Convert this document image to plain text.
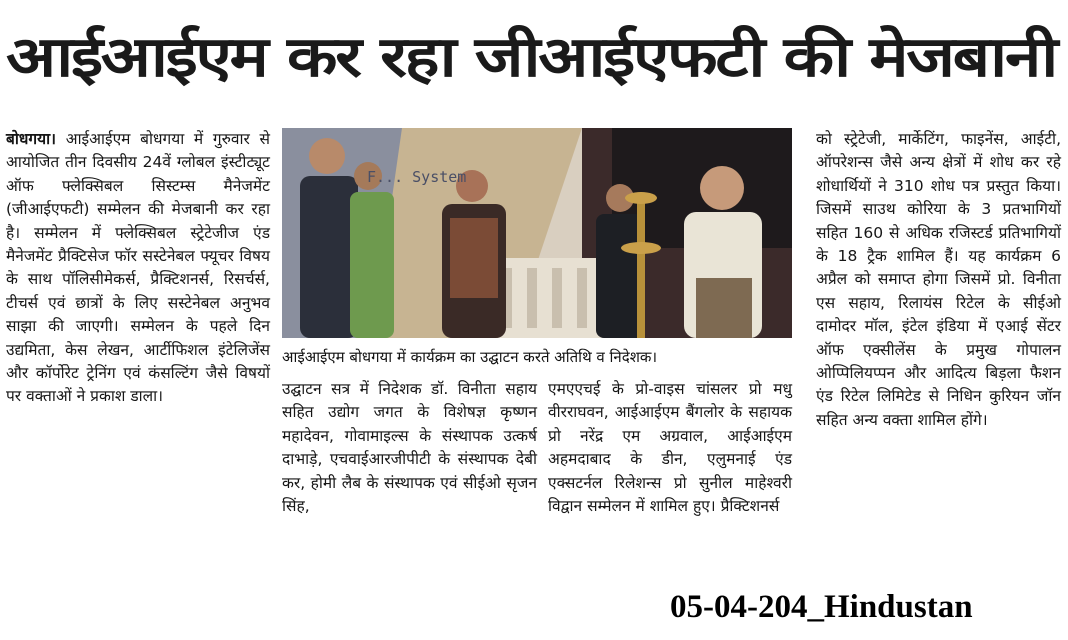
आईआईएम कर रहा जीआईएफटी की मेजबानी
बोधगया। आईआईएम बोधगया में गुरुवार से आयोजित तीन दिवसीय 24वें ग्लोबल इंस्टीट्यूट ऑफ फ्लेक्सिबल सिस्टम्स मैनेजमेंट (जीआईएफटी) सम्मेलन की मेजबानी कर रहा है। सम्मेलन में फ्लेक्सिबल स्ट्रेटेजीज एंड मैनेजमेंट प्रैक्टिसेज फॉर सस्टेनेबल फ्यूचर विषय के साथ पॉलिसीमेकर्स, प्रैक्टिशनर्स, रिसर्चर्स, टीचर्स एवं छात्रों के लिए सस्टेनेबल अनुभव साझा की जाएगी। सम्मेलन के पहले दिन उद्यमिता, केस लेखन, आर्टीफिशल इंटेलिजेंस और कॉर्पोरेट ट्रेनिंग एवं कंसल्टिंग जैसे विषयों पर वक्ताओं ने प्रकाश डाला।
F... System
आईआईएम बोधगया में कार्यक्रम का उद्घाटन करते अतिथि व निदेशक।
उद्घाटन सत्र में निदेशक डॉ. विनीता सहाय सहित उद्योग जगत के विशेषज्ञ कृष्णन महादेवन, गोवामाइल्स के संस्थापक उत्कर्ष दाभाड़े, एचवाईआरजीपीटी के संस्थापक देबी कर, होमी लैब के संस्थापक एवं सीईओ सृजन सिंह,
एमएएचई के प्रो-वाइस चांसलर प्रो मधु वीरराघवन, आईआईएम बैंगलोर के सहायक प्रो नरेंद्र एम अग्रवाल, आईआईएम अहमदाबाद के डीन, एलुमनाई एंड एक्सटर्नल रिलेशन्स प्रो सुनील माहेश्वरी विद्वान सम्मेलन में शामिल हुए। प्रैक्टिशनर्स
को स्ट्रेटेजी, मार्केटिंग, फाइनेंस, आईटी, ऑपरेशन्स जैसे अन्य क्षेत्रों में शोध कर रहे शोधार्थियों ने 310 शोध पत्र प्रस्तुत किया। जिसमें साउथ कोरिया के 3 प्रतभागियों सहित 160 से अधिक रजिस्टर्ड प्रतिभागियों के 18 ट्रैक शामिल हैं। यह कार्यक्रम 6 अप्रैल को समाप्त होगा जिसमें प्रो. विनीता एस सहाय, रिलायंस रिटेल के सीईओ दामोदर मॉल, इंटेल इंडिया में एआई सेंटर ऑफ एक्सीलेंस के प्रमुख गोपालन ओप्पिलियप्पन और आदित्य बिड़ला फैशन एंड रिटेल लिमिटेड से निधिन कुरियन जॉन सहित अन्य वक्ता शामिल होंगे।
05-04-204_Hindustan
